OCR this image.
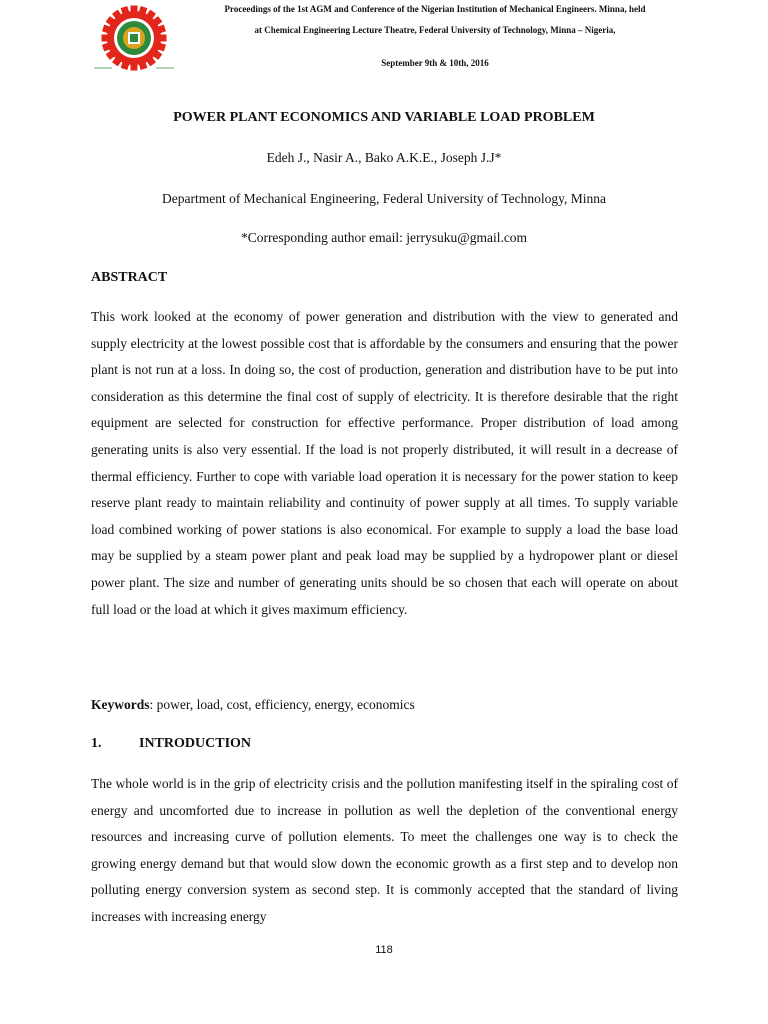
Proceedings of the 1st AGM and Conference of the Nigerian Institution of Mechanical Engineers. Minna, held
at Chemical Engineering Lecture Theatre, Federal University of Technology, Minna – Nigeria,
September 9th & 10th, 2016
POWER PLANT ECONOMICS AND VARIABLE LOAD PROBLEM
Edeh J., Nasir A., Bako A.K.E., Joseph J.J*
Department of Mechanical Engineering, Federal University of Technology, Minna
*Corresponding author email: jerrysuku@gmail.com
ABSTRACT

This work looked at the economy of power generation and distribution with the view to generated and supply electricity at the lowest possible cost that is affordable by the consumers and ensuring that the power plant is not run at a loss. In doing so, the cost of production, generation and distribution have to be put into consideration as this determine the final cost of supply of electricity. It is therefore desirable that the right equipment are selected for construction for effective performance. Proper distribution of load among generating units is also very essential. If the load is not properly distributed, it will result in a decrease of thermal efficiency. Further to cope with variable load operation it is necessary for the power station to keep reserve plant ready to maintain reliability and continuity of power supply at all times. To supply variable load combined working of power stations is also economical. For example to supply a load the base load may be supplied by a steam power plant and peak load may be supplied by a hydropower plant or diesel power plant. The size and number of generating units should be so chosen that each will operate on about full load or the load at which it gives maximum efficiency.

Keywords: power, load, cost, efficiency, energy, economics
1.	INTRODUCTION

The whole world is in the grip of electricity crisis and the pollution manifesting itself in the spiraling cost of energy and uncomforted due to increase in pollution as well the depletion of the conventional energy resources and increasing curve of pollution elements. To meet the challenges one way is to check the growing energy demand but that would slow down the economic growth as a first step and to develop non polluting energy conversion system as second step. It is commonly accepted that the standard of living increases with increasing energy

118
